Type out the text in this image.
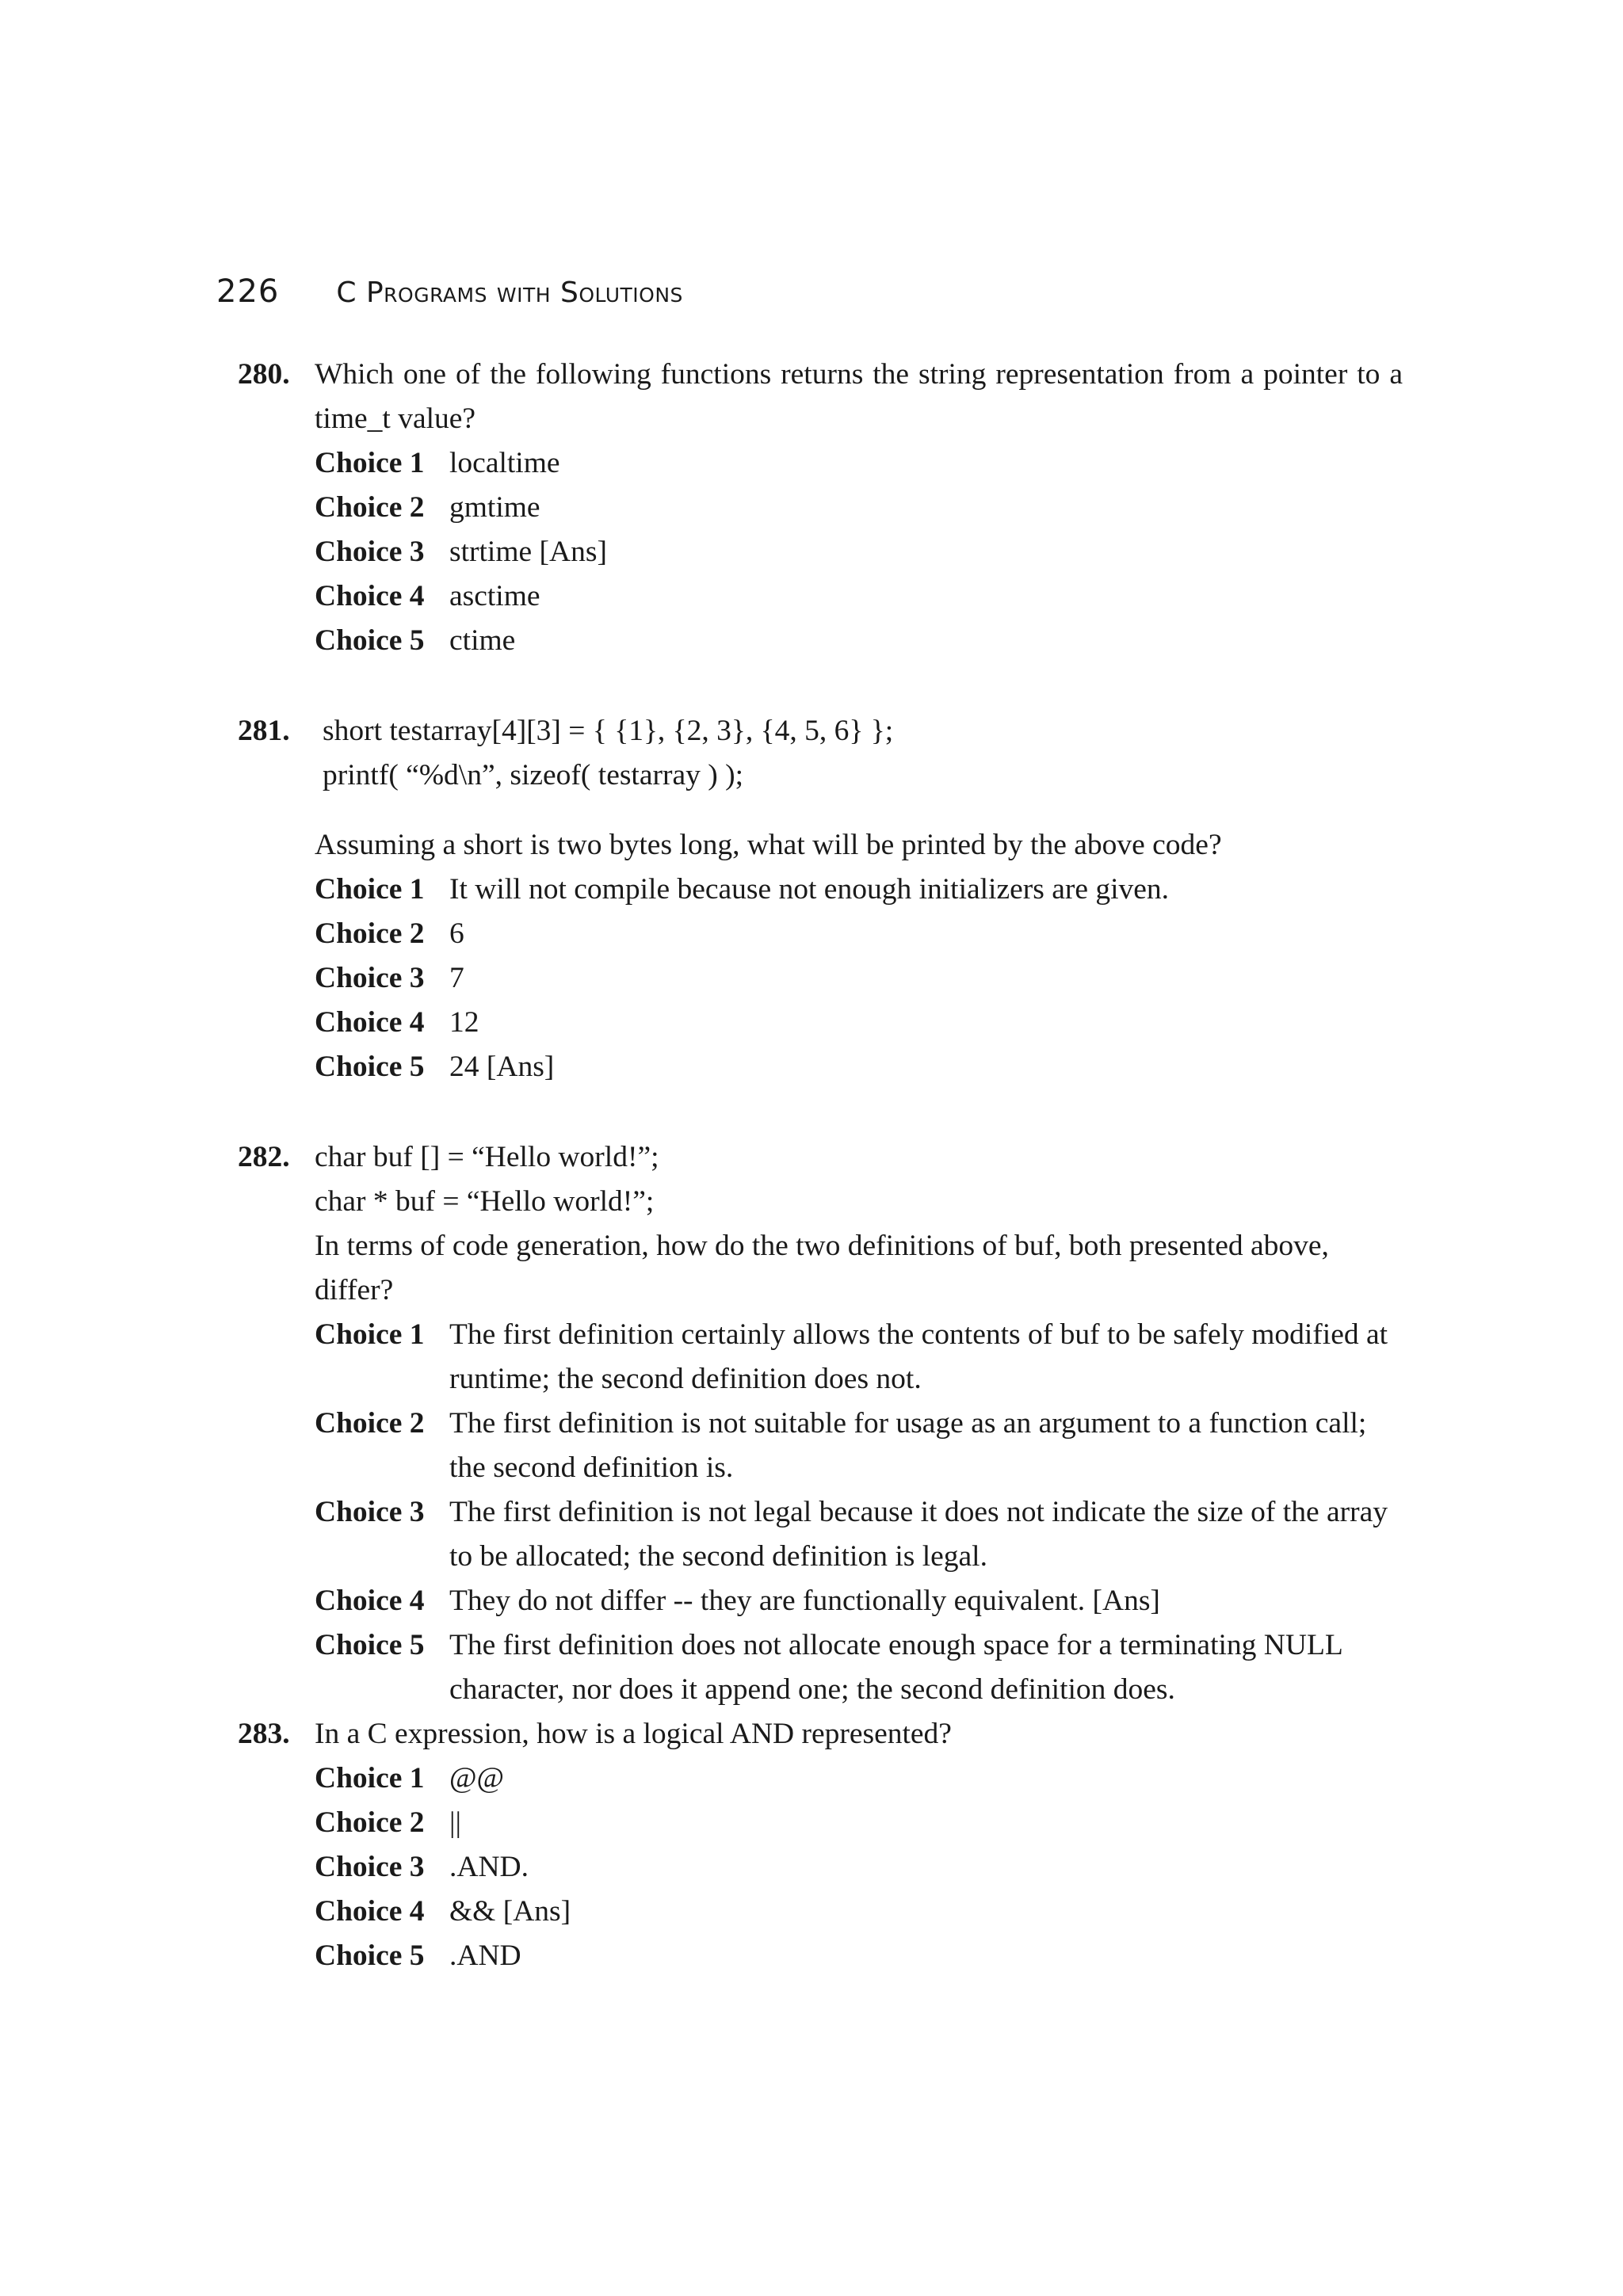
226 C Programs with Solutions
280. Which one of the following functions returns the string representation from a pointer to a
time_t value?
Choice 1 localtime
Choice 2 gmtime
Choice 3 strtime [Ans]
Choice 4 asctime
Choice 5 ctime
281. short testarray[4][3] = { {1}, {2, 3}, {4, 5, 6} };
printf( “%d\n”, sizeof( testarray ) );
Assuming a short is two bytes long, what will be printed by the above code?
Choice 1 It will not compile because not enough initializers are given.
Choice 2 6
Choice 3 7
Choice 4 12
Choice 5 24 [Ans]
282. char buf [] = “Hello world!”;
char * buf = “Hello world!”;
In terms of code generation, how do the two definitions of buf, both presented above, differ?
Choice 1 The first definition certainly allows the contents of buf to be safely modified at runtime; the second definition does not.
Choice 2 The first definition is not suitable for usage as an argument to a function call; the second definition is.
Choice 3 The first definition is not legal because it does not indicate the size of the array to be allocated; the second definition is legal.
Choice 4 They do not differ -- they are functionally equivalent. [Ans]
Choice 5 The first definition does not allocate enough space for a terminating NULL character, nor does it append one; the second definition does.
283. In a C expression, how is a logical AND represented?
Choice 1 @@
Choice 2 ||
Choice 3 .AND.
Choice 4 && [Ans]
Choice 5 .AND
